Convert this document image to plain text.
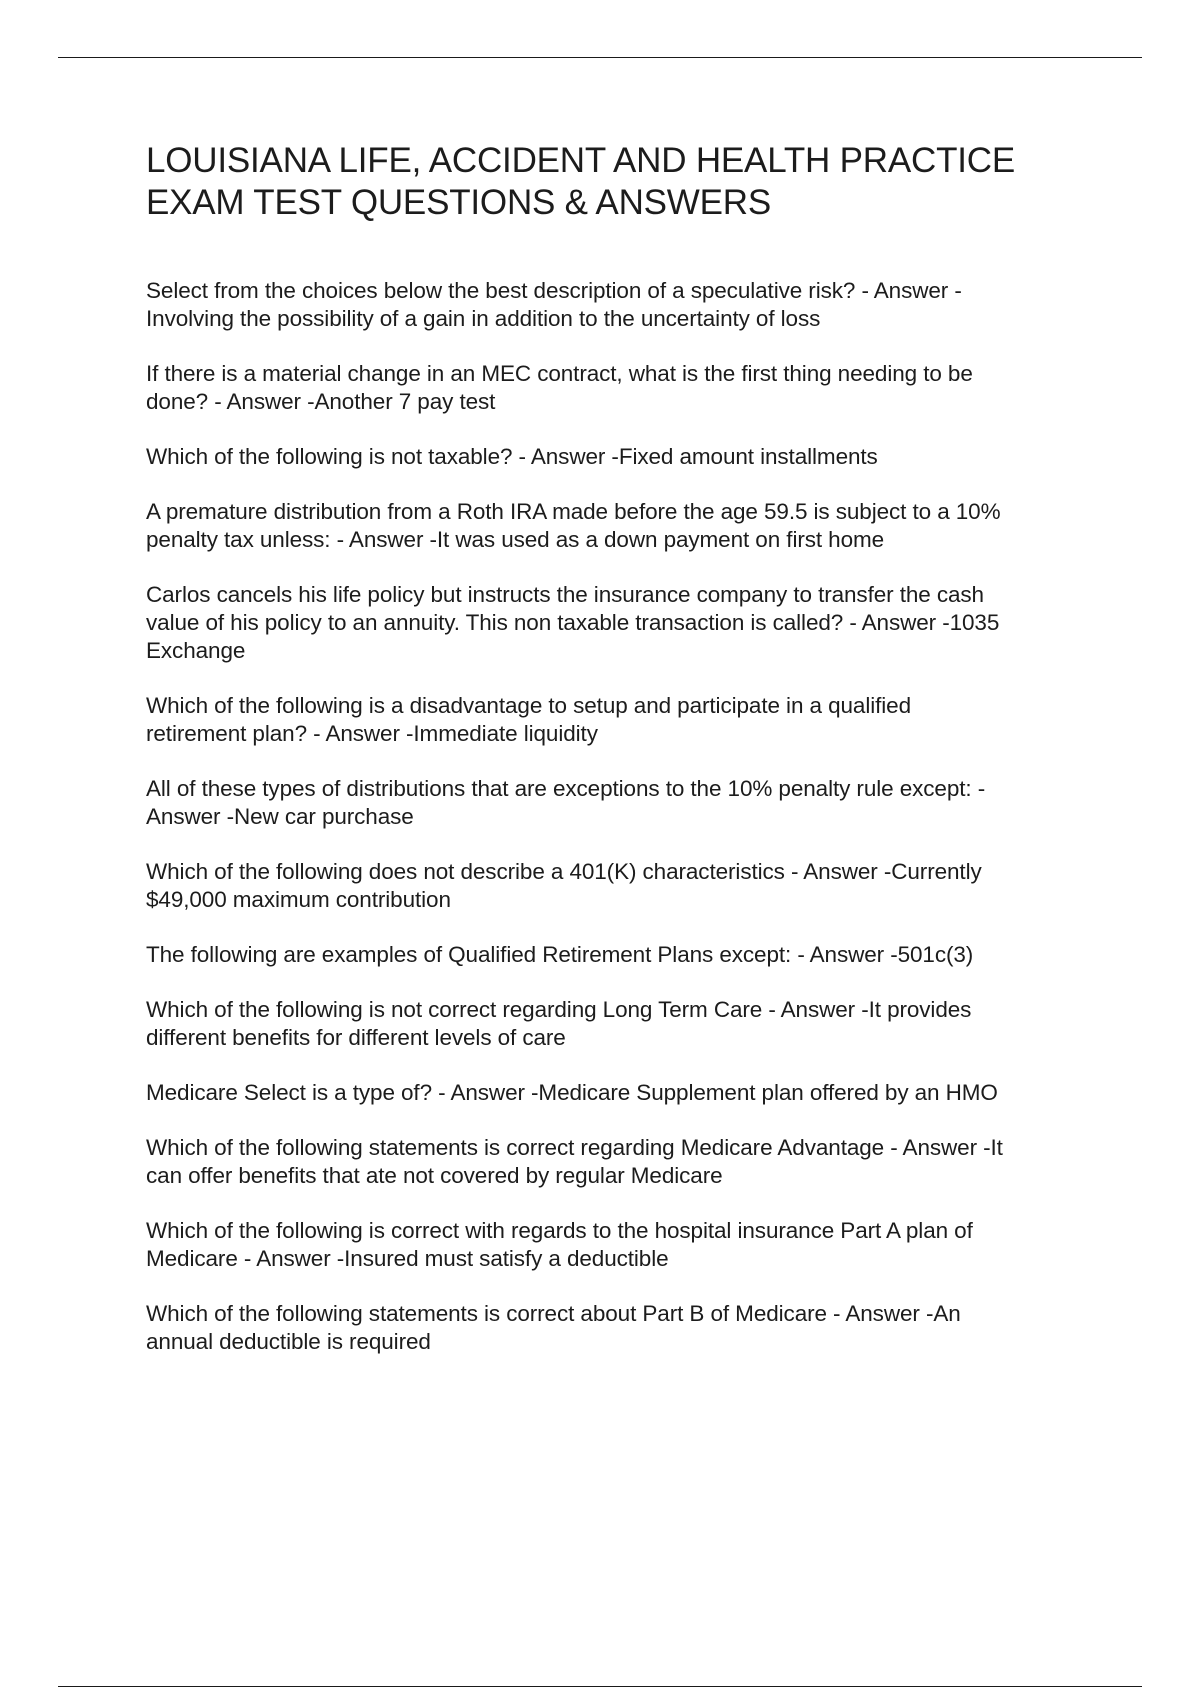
LOUISIANA LIFE, ACCIDENT AND HEALTH PRACTICE
EXAM TEST QUESTIONS & ANSWERS

Select from the choices below the best description of a speculative risk? - Answer -
Involving the possibility of a gain in addition to the uncertainty of loss

If there is a material change in an MEC contract, what is the first thing needing to be
done? - Answer -Another 7 pay test

Which of the following is not taxable? - Answer -Fixed amount installments

A premature distribution from a Roth IRA made before the age 59.5 is subject to a 10%
penalty tax unless: - Answer -It was used as a down payment on first home

Carlos cancels his life policy but instructs the insurance company to transfer the cash
value of his policy to an annuity. This non taxable transaction is called? - Answer -1035
Exchange

Which of the following is a disadvantage to setup and participate in a qualified
retirement plan? - Answer -Immediate liquidity

All of these types of distributions that are exceptions to the 10% penalty rule except: -
Answer -New car purchase

Which of the following does not describe a 401(K) characteristics - Answer -Currently
$49,000 maximum contribution

The following are examples of Qualified Retirement Plans except: - Answer -501c(3)

Which of the following is not correct regarding Long Term Care - Answer -It provides
different benefits for different levels of care

Medicare Select is a type of? - Answer -Medicare Supplement plan offered by an HMO

Which of the following statements is correct regarding Medicare Advantage - Answer -It
can offer benefits that ate not covered by regular Medicare

Which of the following is correct with regards to the hospital insurance Part A plan of
Medicare - Answer -Insured must satisfy a deductible

Which of the following statements is correct about Part B of Medicare - Answer -An
annual deductible is required
